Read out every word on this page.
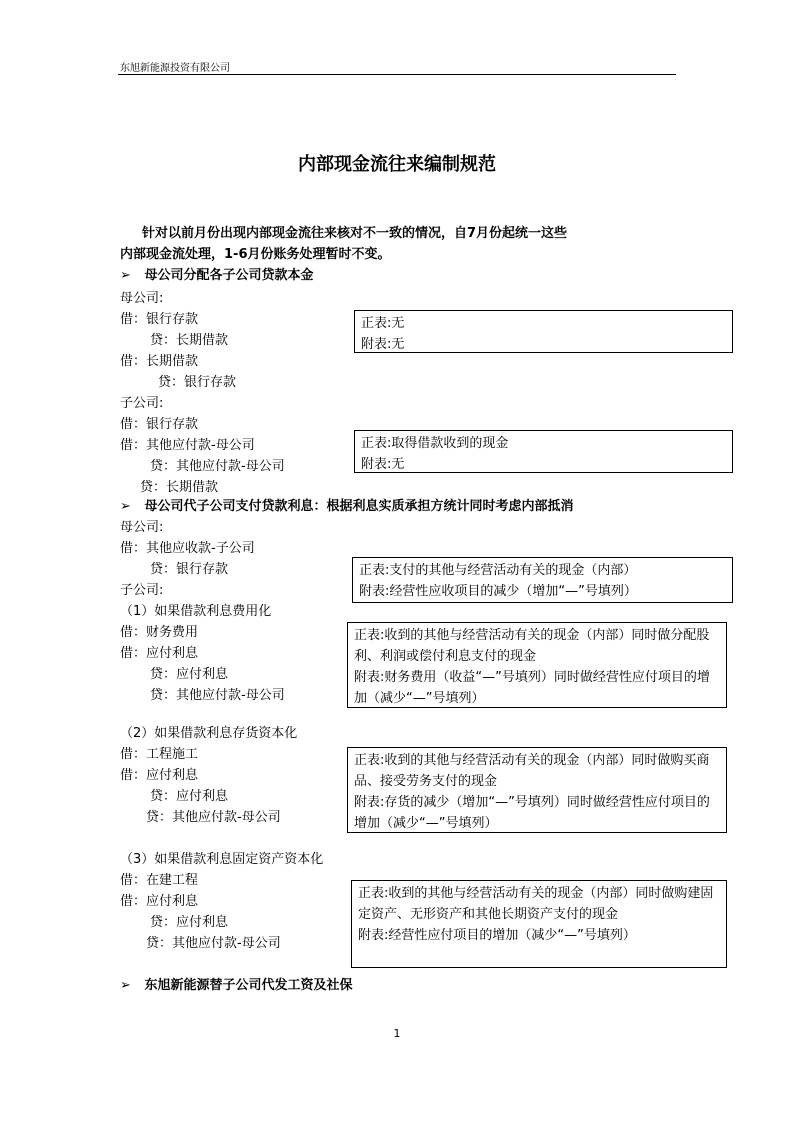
东旭新能源投资有限公司
内部现金流往来编制规范
针对以前月份出现内部现金流往来核对不一致的情况，自7月份起统一这些
内部现金流处理，1-6月份账务处理暂时不变。
➢ 母公司分配各子公司贷款本金
母公司:
借：银行存款
贷：长期借款
借：长期借款
贷：银行存款
子公司:
借：银行存款
借：其他应付款-母公司
贷：其他应付款-母公司
贷：长期借款
正表:无
附表:无
正表:取得借款收到的现金
附表:无
➢ 母公司代子公司支付贷款利息：根据利息实质承担方统计同时考虑内部抵消
母公司:
借：其他应收款-子公司
贷：银行存款
子公司:
正表:支付的其他与经营活动有关的现金（内部）
附表:经营性应收项目的减少（增加“—”号填列）
（1）如果借款利息费用化
借：财务费用
借：应付利息
贷：应付利息
贷：其他应付款-母公司
正表:收到的其他与经营活动有关的现金（内部）同时做分配股利、利润或偿付利息支付的现金
附表:财务费用（收益“—”号填列）同时做经营性应付项目的增加（减少“—”号填列）
（2）如果借款利息存货资本化
借：工程施工
借：应付利息
贷：应付利息
贷：其他应付款-母公司
正表:收到的其他与经营活动有关的现金（内部）同时做购买商品、接受劳务支付的现金
附表:存货的减少（增加“—”号填列）同时做经营性应付项目的增加（减少“—”号填列）
（3）如果借款利息固定资产资本化
借：在建工程
借：应付利息
贷：应付利息
贷：其他应付款-母公司
正表:收到的其他与经营活动有关的现金（内部）同时做购建固定资产、无形资产和其他长期资产支付的现金
附表:经营性应付项目的增加（减少“—”号填列）
➢ 东旭新能源替子公司代发工资及社保
1
